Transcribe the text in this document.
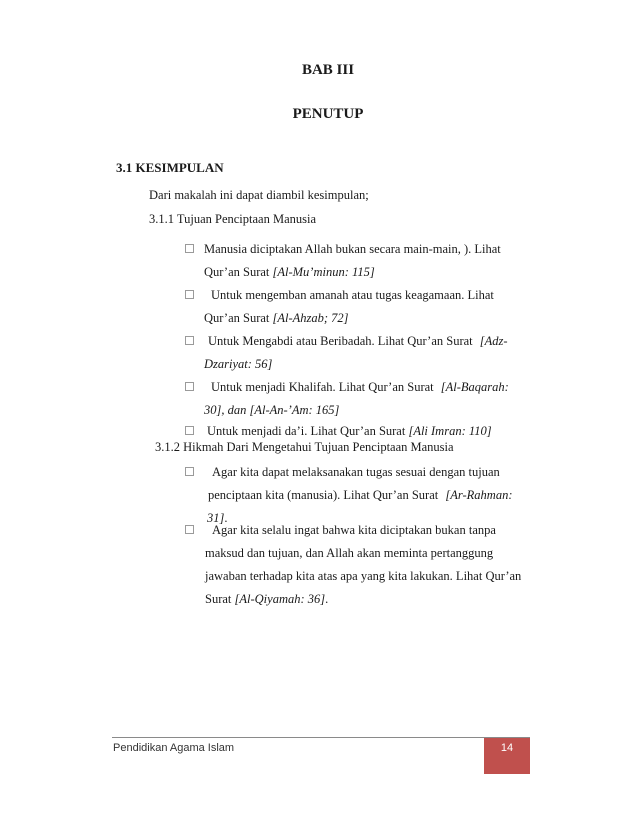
BAB III
PENUTUP
3.1 KESIMPULAN
Dari makalah ini dapat diambil kesimpulan;
3.1.1 Tujuan Penciptaan Manusia
Manusia diciptakan Allah bukan secara main-main, ). Lihat
Qur’an Surat [Al-Mu’minun: 115]
Untuk mengemban amanah atau tugas keagamaan. Lihat
Qur’an Surat [Al-Ahzab; 72]
Untuk Mengabdi atau Beribadah. Lihat Qur’an Surat [Adz-
Dzariyat: 56]
Untuk menjadi Khalifah. Lihat Qur’an Surat [Al-Baqarah:
30], dan [Al-An-’Am: 165]
Untuk menjadi da’i. Lihat Qur’an Surat [Ali Imran: 110]
3.1.2 Hikmah Dari Mengetahui Tujuan Penciptaan Manusia
Agar kita dapat melaksanakan tugas sesuai dengan tujuan
penciptaan kita (manusia). Lihat Qur’an Surat [Ar-Rahman:
31].
Agar kita selalu ingat bahwa kita diciptakan bukan tanpa
maksud dan tujuan, dan Allah akan meminta pertanggung
jawaban terhadap kita atas apa yang kita lakukan. Lihat Qur’an
Surat [Al-Qiyamah: 36].
Pendidikan Agama Islam	14
